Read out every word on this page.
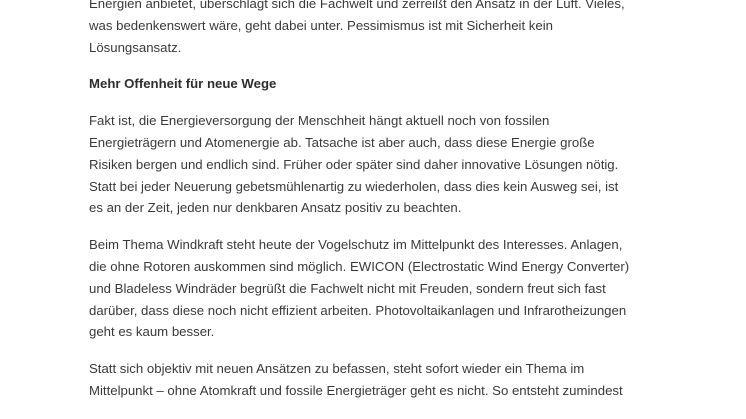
Energien anbietet, überschlägt sich die Fachwelt und zerreißt den Ansatz in der Luft. Vieles,
was bedenkenswert wäre, geht dabei unter. Pessimismus ist mit Sicherheit kein
Lösungsansatz.

Mehr Offenheit für neue Wege

Fakt ist, die Energieversorgung der Menschheit hängt aktuell noch von fossilen
Energieträgern und Atomenergie ab. Tatsache ist aber auch, dass diese Energie große
Risiken bergen und endlich sind. Früher oder später sind daher innovative Lösungen nötig.
Statt bei jeder Neuerung gebetsmühlenartig zu wiederholen, dass dies kein Ausweg sei, ist
es an der Zeit, jeden nur denkbaren Ansatz positiv zu beachten.

Beim Thema Windkraft steht heute der Vogelschutz im Mittelpunkt des Interesses. Anlagen,
die ohne Rotoren auskommen sind möglich. EWICON (Electrostatic Wind Energy Converter)
und Bladeless Windräder begrüßt die Fachwelt nicht mit Freuden, sondern freut sich fast
darüber, dass diese noch nicht effizient arbeiten. Photovoltaikanlagen und Infrarotheizungen
geht es kaum besser.

Statt sich objektiv mit neuen Ansätzen zu befassen, steht sofort wieder ein Thema im
Mittelpunkt – ohne Atomkraft und fossile Energieträger geht es nicht. So entsteht zumindest
